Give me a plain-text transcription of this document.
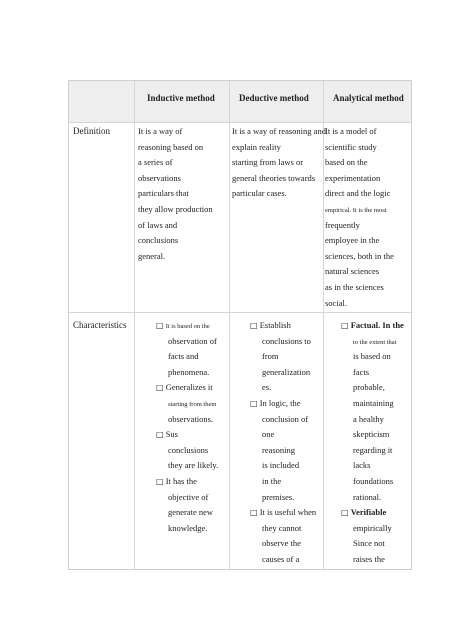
Inductive method	Deductive method	Analytical method
Definition
Characteristics
It is a way of
reasoning based on
a series of
observations
particulars that
they allow production
of laws and
conclusions
general.
It is a way of reasoning and
explain reality
starting from laws or
general theories towards
particular cases.
It is a model of
scientific study
based on the
experimentation
direct and the logic
empirical. It is the most
frequently
employee in the
sciences, both in the
natural sciences
as in the sciences
social.
□ It is based on the
observation of
facts and
phenomena.
□ Generalizes it
starting from them
observations.
□ Sus
conclusions
they are likely.
□ It has the
objective of
generate new
knowledge.
□ Establish
conclusions to
from
generalization
es.
□ In logic, the
conclusion of
one
reasoning
is included
in the
premises.
□ It is useful when
they cannot
observe the
causes of a
□ Factual. In the
to the extent that
is based on
facts
probable,
maintaining
a healthy
skepticism
regarding it
lacks
foundations
rational.
□ Verifiable
empirically
Since not
raises the
